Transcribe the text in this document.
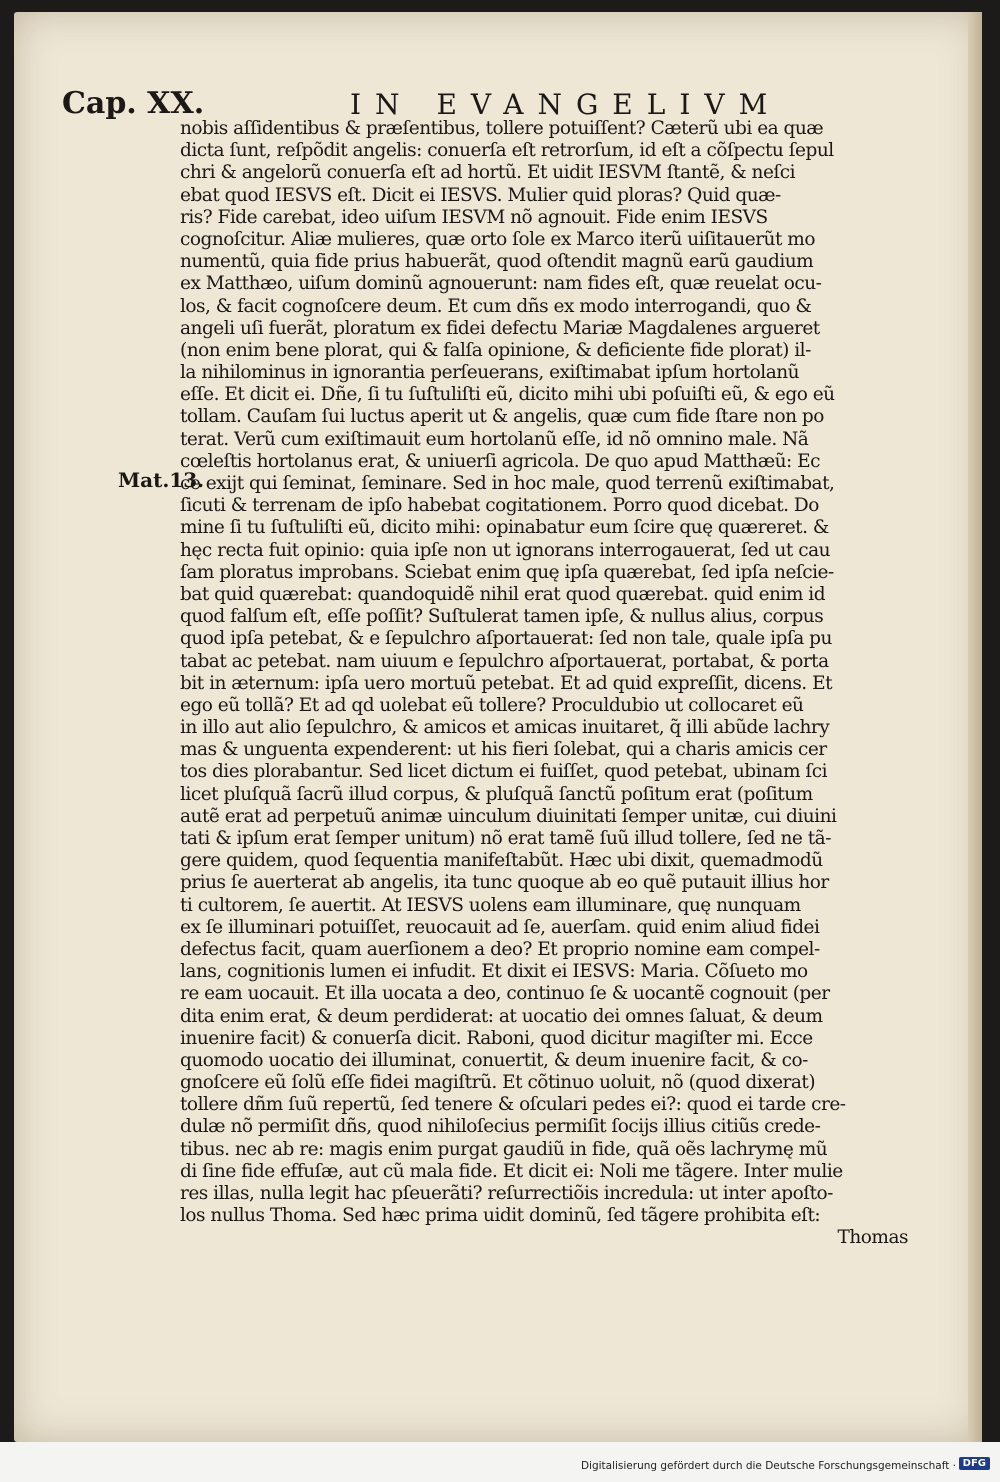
Cap. XX.	IN EVANGELIVM
Mat.13.
nobis aſſidentibus & præſentibus, tollere potuiſſent? Cæterũ ubi ea quæ
dicta ſunt, reſpõdit angelis: conuerſa eſt retrorſum, id eſt a cõſpectu ſepul
chri & angelorũ conuerſa eſt ad hortũ. Et uidit IESVM ſtantẽ, & neſci
ebat quod IESVS eſt. Dicit ei IESVS. Mulier quid ploras? Quid quæ-
ris? Fide carebat, ideo uiſum IESVM nõ agnouit. Fide enim IESVS
cognoſcitur. Aliæ mulieres, quæ orto ſole ex Marco iterũ uiſitauerũt mo
numentũ, quia fide prius habuerãt, quod oſtendit magnũ earũ gaudium
ex Matthæo, uiſum dominũ agnouerunt: nam fides eſt, quæ reuelat ocu-
los, & facit cognoſcere deum. Et cum dñs ex modo interrogandi, quo &
angeli uſi fuerãt, ploratum ex fidei defectu Mariæ Magdalenes argueret
(non enim bene plorat, qui & falſa opinione, & deficiente fide plorat) il-
la nihilominus in ignorantia perſeuerans, exiſtimabat ipſum hortolanũ
eſſe. Et dicit ei. Dñe, ſi tu ſuſtuliſti eũ, dicito mihi ubi poſuiſti eũ, & ego eũ
tollam. Cauſam ſui luctus aperit ut & angelis, quæ cum fide ſtare non po
terat. Verũ cum exiſtimauit eum hortolanũ eſſe, id nõ omnino male. Nã
cœleſtis hortolanus erat, & uniuerſi agricola. De quo apud Matthæũ: Ec
ce exijt qui ſeminat, ſeminare. Sed in hoc male, quod terrenũ exiſtimabat,
ſicuti & terrenam de ipſo habebat cogitationem. Porro quod dicebat. Do
mine ſi tu ſuſtuliſti eũ, dicito mihi: opinabatur eum ſcire quę quæreret. &
hęc recta fuit opinio: quia ipſe non ut ignorans interrogauerat, ſed ut cau
ſam ploratus improbans. Sciebat enim quę ipſa quærebat, ſed ipſa neſcie-
bat quid quærebat: quandoquidẽ nihil erat quod quærebat. quid enim id
quod falſum eſt, eſſe poſſit? Suſtulerat tamen ipſe, & nullus alius, corpus
quod ipſa petebat, & e ſepulchro aſportauerat: ſed non tale, quale ipſa pu
tabat ac petebat. nam uiuum e ſepulchro aſportauerat, portabat, & porta
bit in æternum: ipſa uero mortuũ petebat. Et ad quid expreſſit, dicens. Et
ego eũ tollã? Et ad qd uolebat eũ tollere? Proculdubio ut collocaret eũ
in illo aut alio ſepulchro, & amicos et amicas inuitaret, q̃ illi abũde lachry
mas & unguenta expenderent: ut his fieri ſolebat, qui a charis amicis cer
tos dies plorabantur. Sed licet dictum ei fuiſſet, quod petebat, ubinam ſci
licet pluſquã ſacrũ illud corpus, & pluſquã ſanctũ poſitum erat (poſitum
autẽ erat ad perpetuũ animæ uinculum diuinitati ſemper unitæ, cui diuini
tati & ipſum erat ſemper unitum) nõ erat tamẽ ſuũ illud tollere, ſed ne tã-
gere quidem, quod ſequentia manifeſtabũt. Hæc ubi dixit, quemadmodũ
prius ſe auerterat ab angelis, ita tunc quoque ab eo quẽ putauit illius hor
ti cultorem, ſe auertit. At IESVS uolens eam illuminare, quę nunquam
ex ſe illuminari potuiſſet, reuocauit ad ſe, auerſam. quid enim aliud fidei
defectus facit, quam auerſionem a deo? Et proprio nomine eam compel-
lans, cognitionis lumen ei infudit. Et dixit ei IESVS: Maria. Cõſueto mo
re eam uocauit. Et illa uocata a deo, continuo ſe & uocantẽ cognouit (per
dita enim erat, & deum perdiderat: at uocatio dei omnes ſaluat, & deum
inuenire facit) & conuerſa dicit. Raboni, quod dicitur magiſter mi. Ecce
quomodo uocatio dei illuminat, conuertit, & deum inuenire facit, & co-
gnoſcere eũ ſolũ eſſe fidei magiſtrũ. Et cõtinuo uoluit, nõ (quod dixerat)
tollere dñm ſuũ repertũ, ſed tenere & oſculari pedes ei?: quod ei tarde cre-
dulæ nõ permiſit dñs, quod nihiloſecius permiſit ſocijs illius citiũs crede-
tibus. nec ab re: magis enim purgat gaudiũ in fide, quã oẽs lachrymę mũ
di ſine fide effuſæ, aut cũ mala fide. Et dicit ei: Noli me tãgere. Inter mulie
res illas, nulla legit hac pſeuerãti? reſurrectiõis incredula: ut inter apoſto-
los nullus Thoma. Sed hæc prima uidit dominũ, ſed tãgere prohibita eſt:
Thomas
Digitalisierung gefördert durch die Deutsche Forschungsgemeinschaft · DFG
